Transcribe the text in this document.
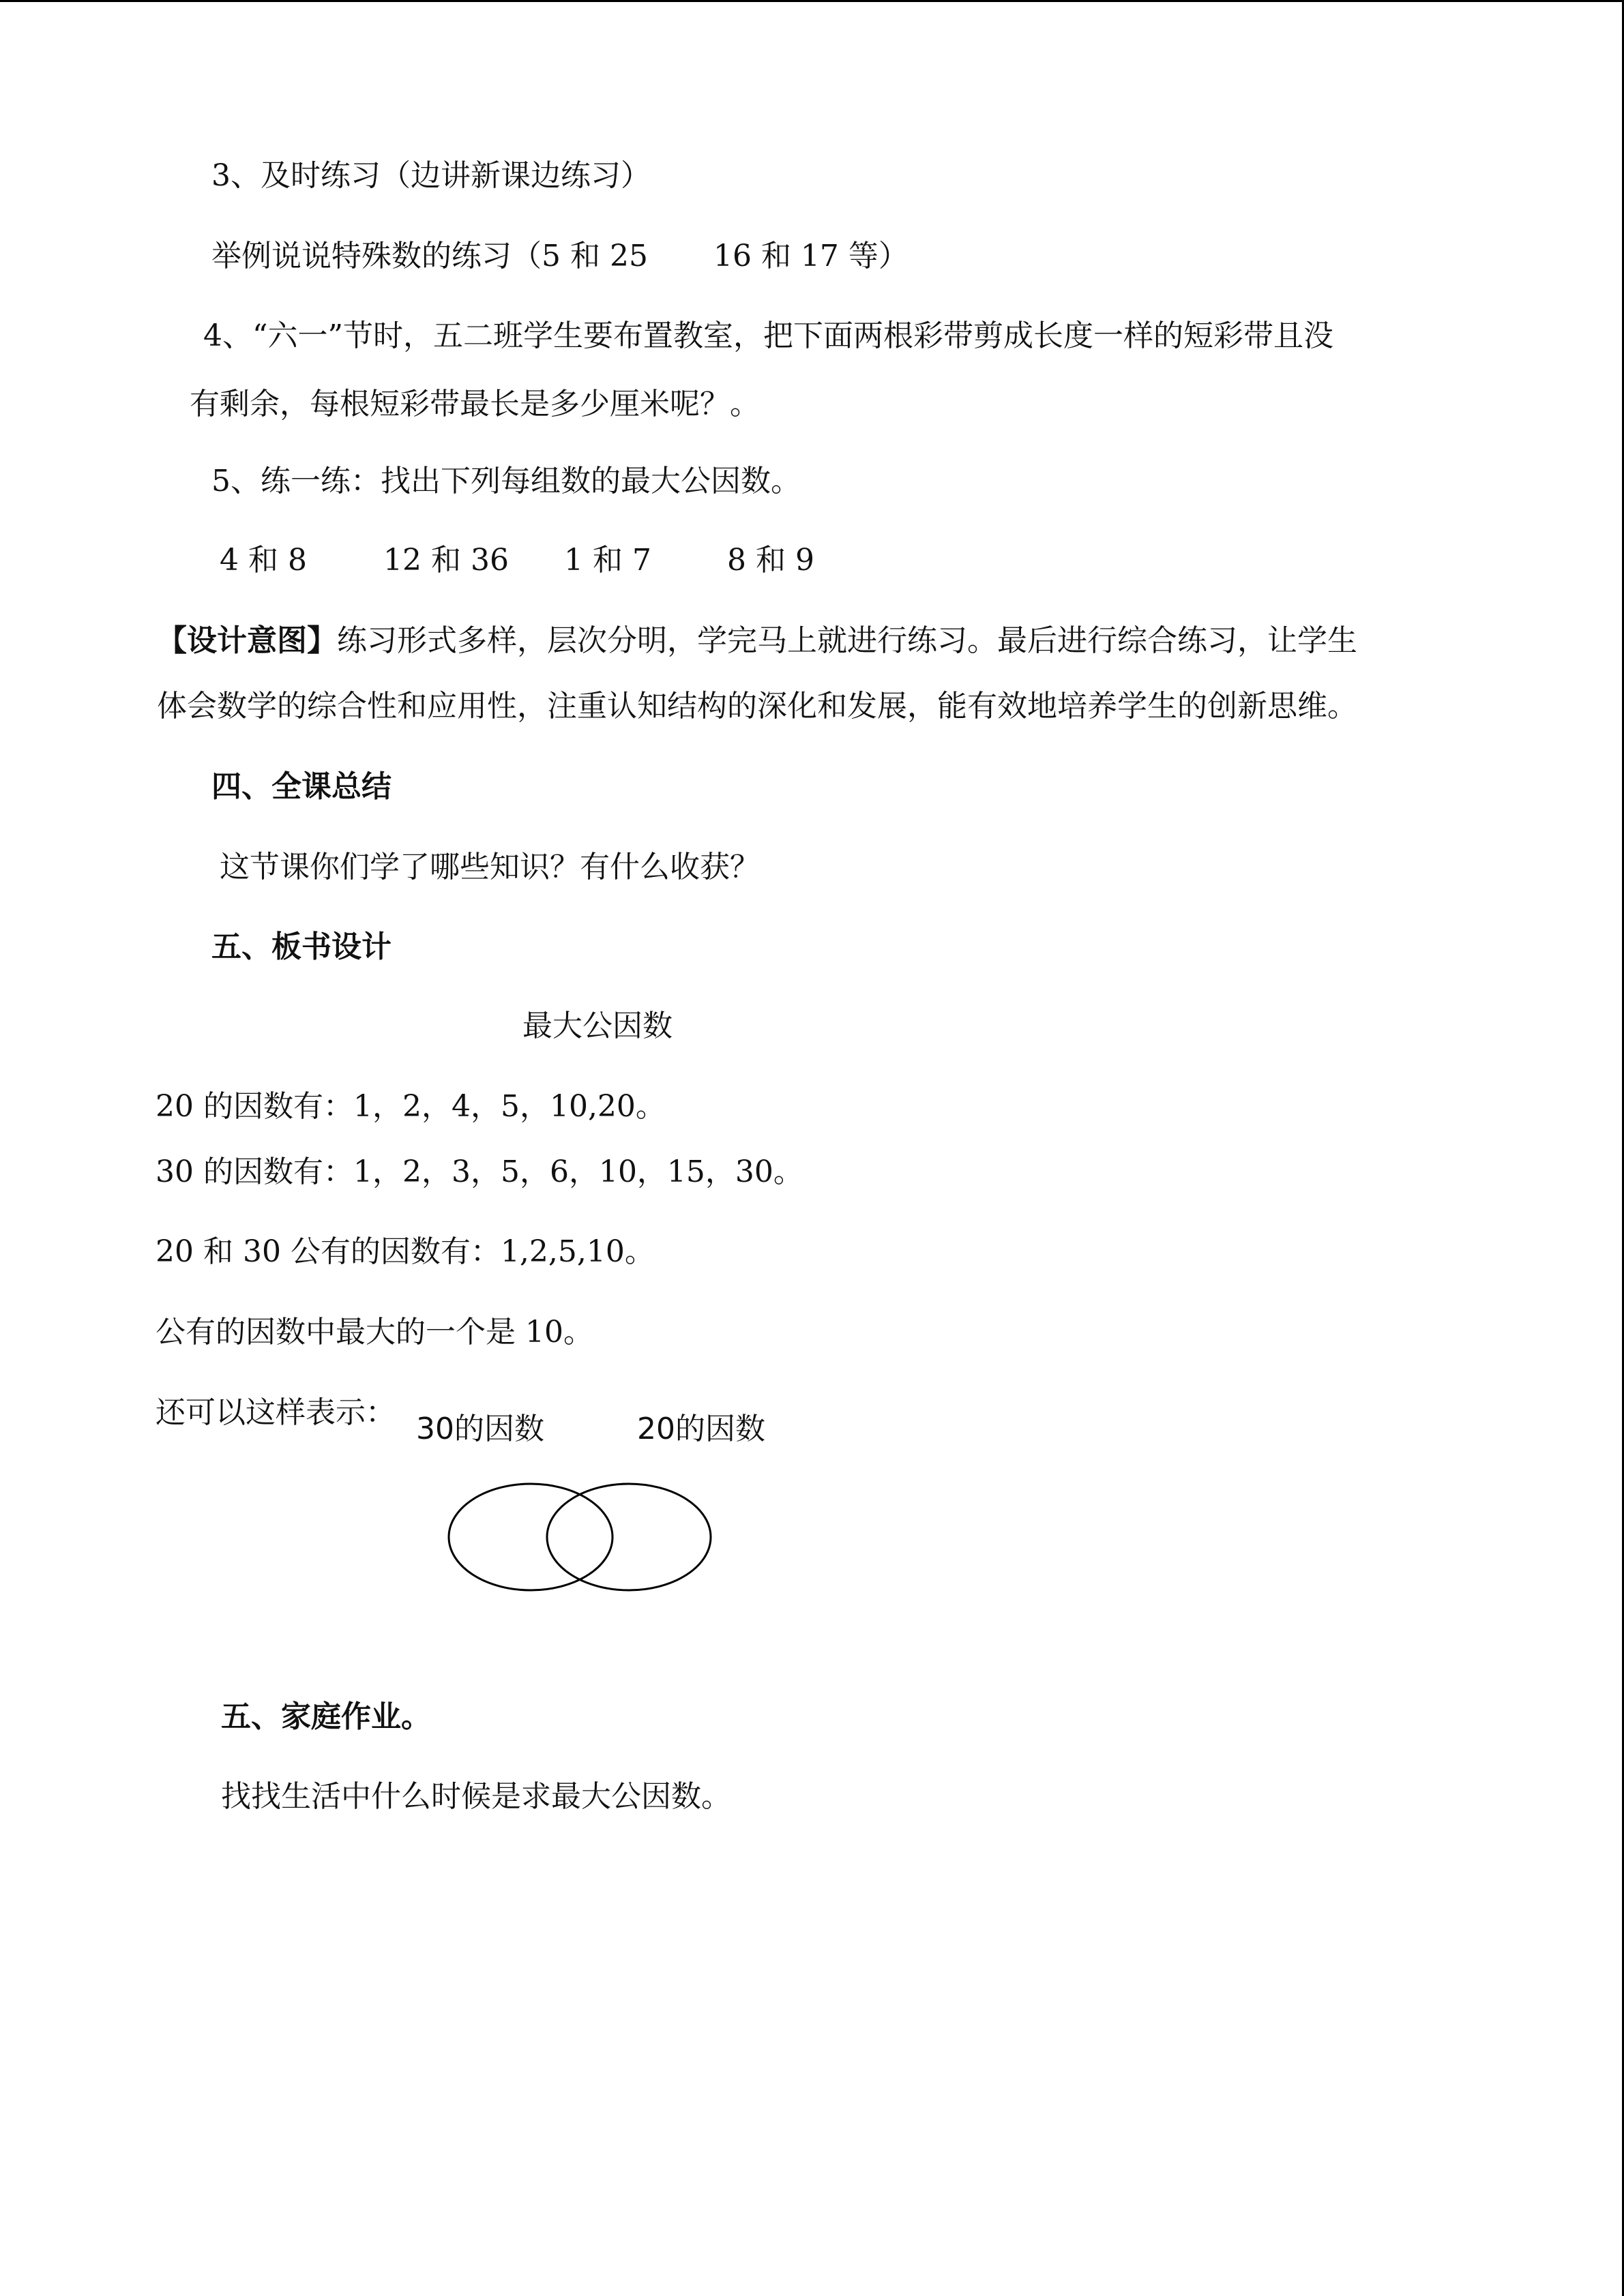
3、及时练习（边讲新课边练习）
举例说说特殊数的练习（5 和 25 16 和 17 等）
4、“六一”节时，五二班学生要布置教室，把下面两根彩带剪成长度一样的短彩带且没
有剩余，每根短彩带最长是多少厘米呢？。
5、练一练：找出下列每组数的最大公因数。
4 和 8	12 和 36 1 和 7	8 和 9
【设计意图】练习形式多样，层次分明，学完马上就进行练习。最后进行综合练习，让学生
体会数学的综合性和应用性，注重认知结构的深化和发展，能有效地培养学生的创新思维。
四、全课总结
这节课你们学了哪些知识？有什么收获？
五、板书设计
最大公因数
20 的因数有：1，2，4，5，10,20。
30 的因数有：1，2，3，5，6，10，15，30。
20 和 30 公有的因数有：1,2,5,10。
公有的因数中最大的一个是 10。
还可以这样表示： 30的因数	20的因数
五、家庭作业。
找找生活中什么时候是求最大公因数。
